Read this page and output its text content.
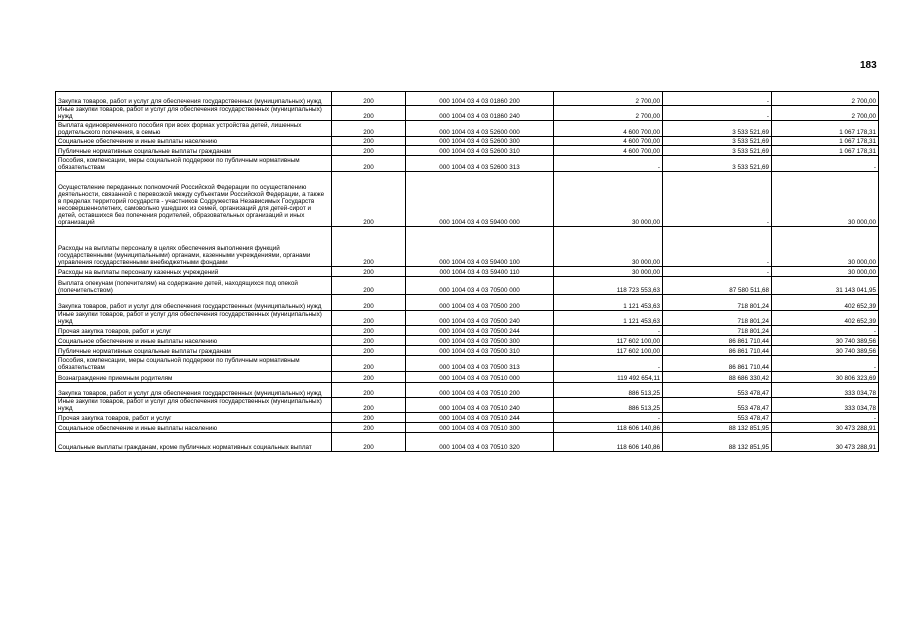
183
Закупка товаров, работ и услуг для обеспечения государственных (муниципальных) нужд	200	000 1004 03 4 03 01860 200	2 700,00	-	2 700,00
Иные закупки товаров, работ и услуг для обеспечения государственных (муниципальных) нужд	200	000 1004 03 4 03 01860 240	2 700,00	-	2 700,00
Выплата единовременного пособия при всех формах устройства детей, лишенных родительского попечения, в семью	200	000 1004 03 4 03 52600 000	4 600 700,00	3 533 521,69	1 067 178,31
Социальное обеспечение и иные выплаты населению	200	000 1004 03 4 03 52600 300	4 600 700,00	3 533 521,69	1 067 178,31
Публичные нормативные социальные выплаты гражданам	200	000 1004 03 4 03 52600 310	4 600 700,00	3 533 521,69	1 067 178,31
Пособия, компенсации, меры социальной поддержки по публичным нормативным обязательствам	200	000 1004 03 4 03 52600 313	-	3 533 521,69	-
Осуществление переданных полномочий Российской Федерации по осуществлению деятельности, связанной с перевозкой между субъектами Российской Федерации, а также в пределах территорий государств - участников Содружества Независимых Государств несовершеннолетних, самовольно ушедших из семей, организаций для детей-сирот и детей, оставшихся без попечения родителей, образовательных организаций и иных организаций	200	000 1004 03 4 03 59400 000	30 000,00	-	30 000,00
Расходы на выплаты персоналу в целях обеспечения выполнения функций государственными (муниципальными) органами, казенными учреждениями, органами управления государственными внебюджетными фондами	200	000 1004 03 4 03 59400 100	30 000,00	-	30 000,00
Расходы на выплаты персоналу казенных учреждений	200	000 1004 03 4 03 59400 110	30 000,00	-	30 000,00
Выплата опекунам (попечителям) на содержание детей, находящихся под опекой (попечительством)	200	000 1004 03 4 03 70500 000	118 723 553,63	87 580 511,68	31 143 041,95
Закупка товаров, работ и услуг для обеспечения государственных (муниципальных) нужд	200	000 1004 03 4 03 70500 200	1 121 453,63	718 801,24	402 652,39
Иные закупки товаров, работ и услуг для обеспечения государственных (муниципальных) нужд	200	000 1004 03 4 03 70500 240	1 121 453,63	718 801,24	402 652,39
Прочая закупка товаров, работ и услуг	200	000 1004 03 4 03 70500 244	-	718 801,24	-
Социальное обеспечение и иные выплаты населению	200	000 1004 03 4 03 70500 300	117 602 100,00	86 861 710,44	30 740 389,56
Публичные нормативные социальные выплаты гражданам	200	000 1004 03 4 03 70500 310	117 602 100,00	86 861 710,44	30 740 389,56
Пособия, компенсации, меры социальной поддержки по публичным нормативным обязательствам	200	000 1004 03 4 03 70500 313	-	86 861 710,44	-
Вознаграждение приемным родителям	200	000 1004 03 4 03 70510 000	119 492 654,11	88 686 330,42	30 806 323,69
Закупка товаров, работ и услуг для обеспечения государственных (муниципальных) нужд	200	000 1004 03 4 03 70510 200	886 513,25	553 478,47	333 034,78
Иные закупки товаров, работ и услуг для обеспечения государственных (муниципальных) нужд	200	000 1004 03 4 03 70510 240	886 513,25	553 478,47	333 034,78
Прочая закупка товаров, работ и услуг	200	000 1004 03 4 03 70510 244	-	553 478,47	-
Социальное обеспечение и иные выплаты населению	200	000 1004 03 4 03 70510 300	118 606 140,86	88 132 851,95	30 473 288,91
Социальные выплаты гражданам, кроме публичных нормативных социальных выплат	200	000 1004 03 4 03 70510 320	118 606 140,86	88 132 851,95	30 473 288,91
